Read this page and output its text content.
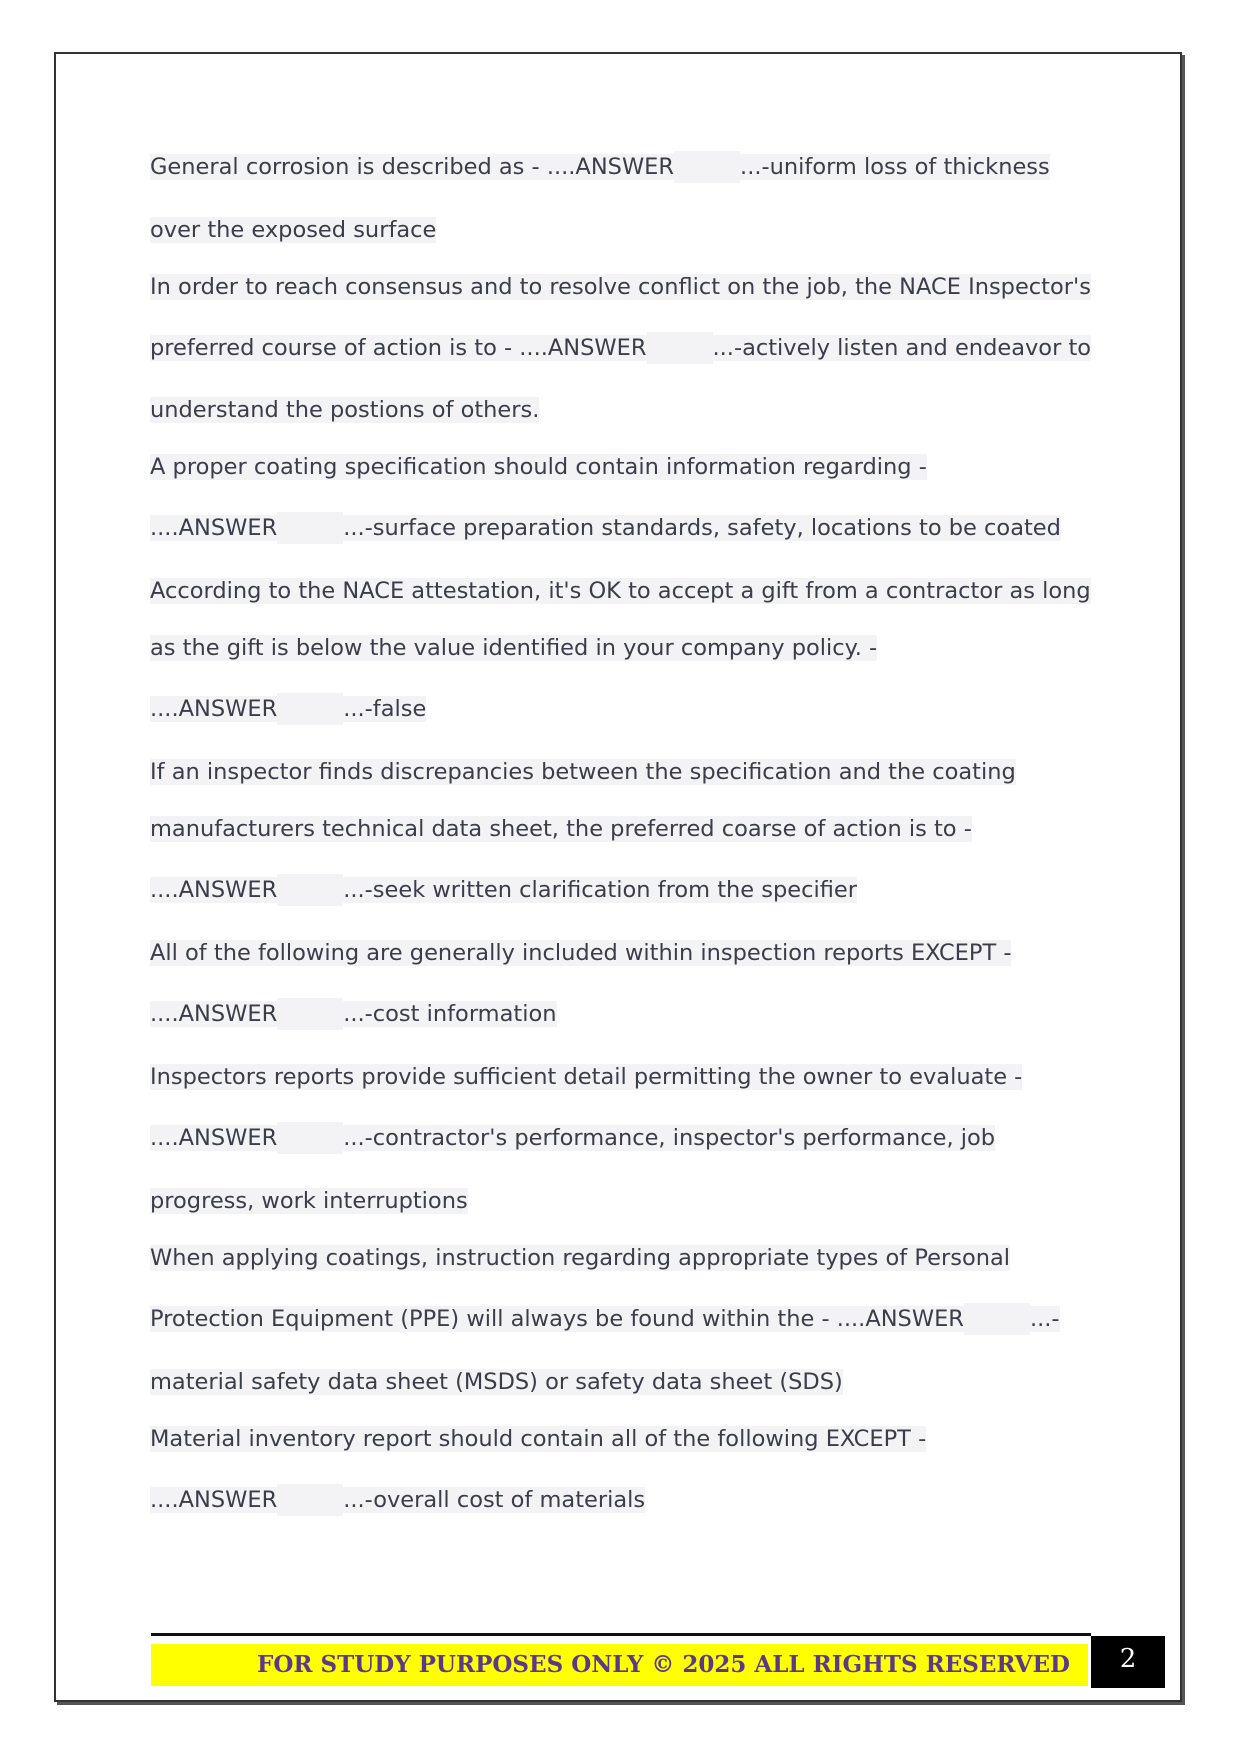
General corrosion is described as - ....ANSWER	...-uniform loss of thickness
over the exposed surface
In order to reach consensus and to resolve conflict on the job, the NACE Inspector's
preferred course of action is to - ....ANSWER	...-actively listen and endeavor to
understand the postions of others.
A proper coating specification should contain information regarding -
....ANSWER	...-surface preparation standards, safety, locations to be coated
According to the NACE attestation, it's OK to accept a gift from a contractor as long
as the gift is below the value identified in your company policy. -
....ANSWER	...-false
If an inspector finds discrepancies between the specification and the coating
manufacturers technical data sheet, the preferred coarse of action is to -
....ANSWER	...-seek written clarification from the specifier
All of the following are generally included within inspection reports EXCEPT -
....ANSWER	...-cost information
Inspectors reports provide sufficient detail permitting the owner to evaluate -
....ANSWER	...-contractor's performance, inspector's performance, job
progress, work interruptions
When applying coatings, instruction regarding appropriate types of Personal
Protection Equipment (PPE) will always be found within the - ....ANSWER	...-
material safety data sheet (MSDS) or safety data sheet (SDS)
Material inventory report should contain all of the following EXCEPT -
....ANSWER	...-overall cost of materials
FOR STUDY PURPOSES ONLY © 2025 ALL RIGHTS RESERVED	2
